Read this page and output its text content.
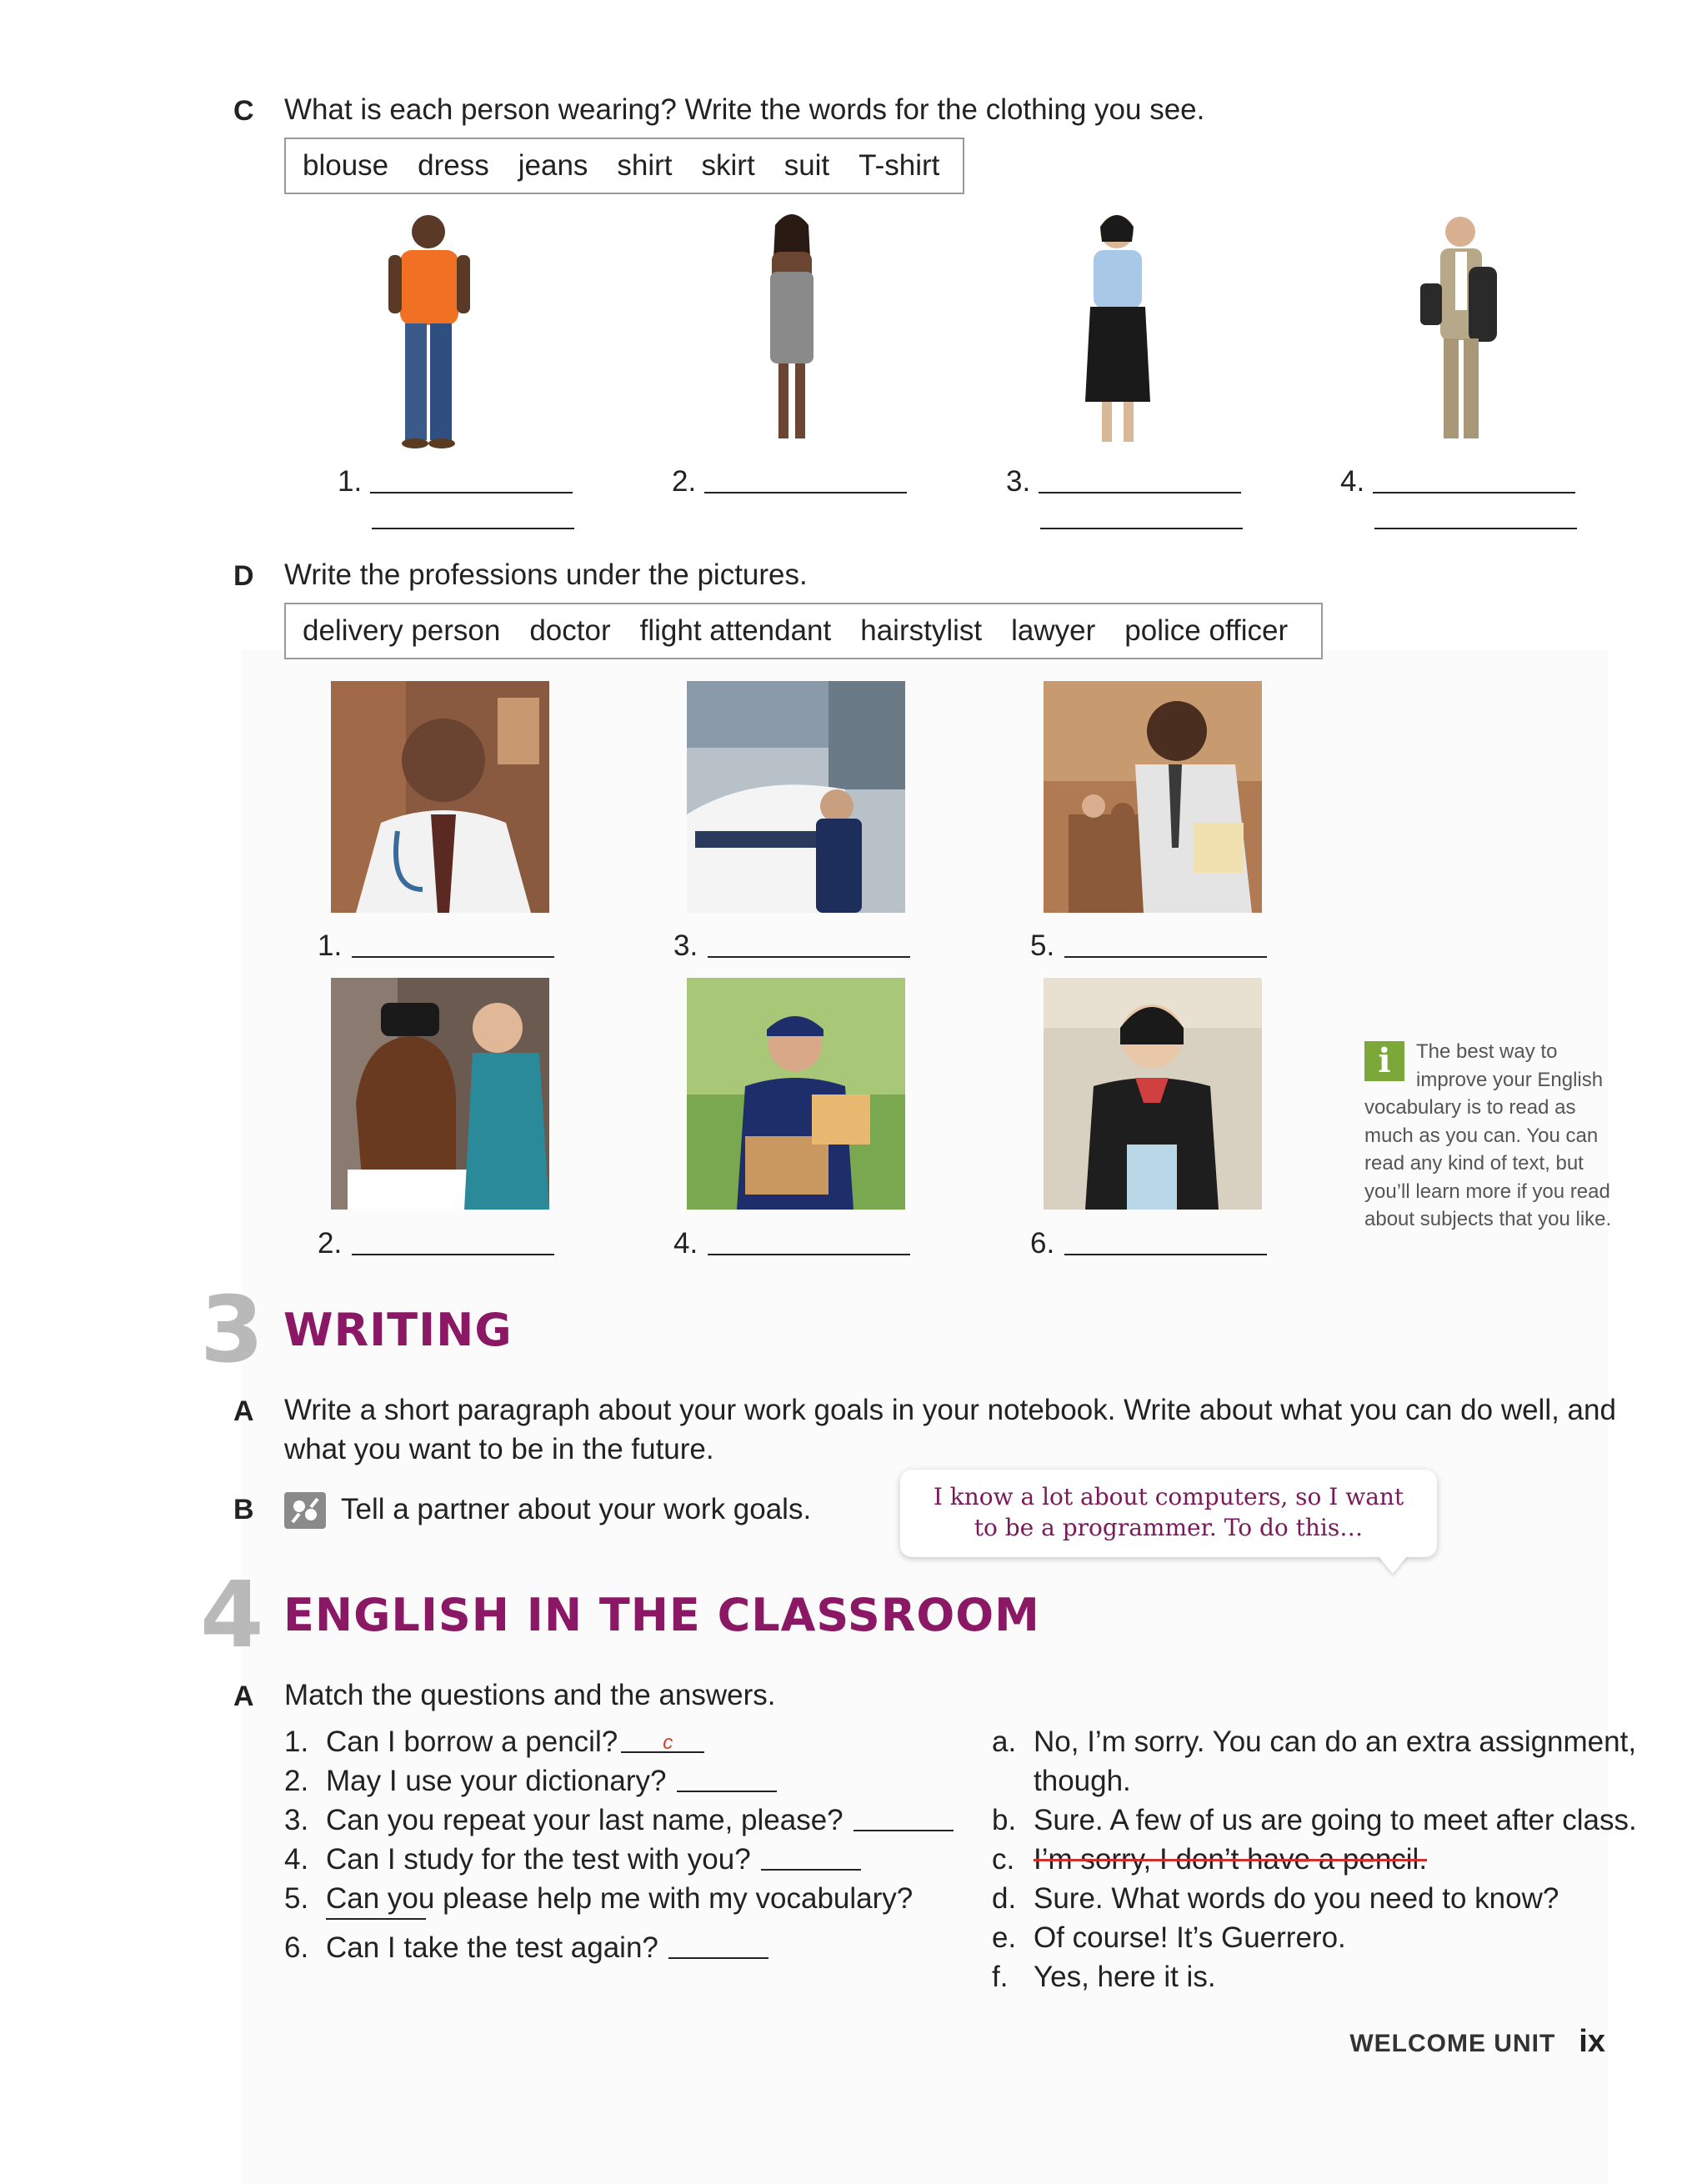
C What is each person wearing? Write the words for the clothing you see.
blouse dress jeans shirt skirt suit T-shirt
1.	2.	3.	4.
D Write the professions under the pictures.
delivery person doctor flight attendant hairstylist lawyer police officer
1.	3.	5.
2.	4.	6.
i	The best way to improve your English vocabulary is to read as much as you can. You can read any kind of text, but you’ll learn more if you read about subjects that you like.
3 WRITING
A Write a short paragraph about your work goals in your notebook. Write about what you can do well, and what you want to be in the future.
B	Tell a partner about your work goals.	I know a lot about computers, so I want
to be a programmer. To do this…
4 ENGLISH IN THE CLASSROOM
A Match the questions and the answers.
1. Can I borrow a pencil? c
2. May I use your dictionary?
3. Can you repeat your last name, please?
4. Can I study for the test with you?
5. Can you please help me with my vocabulary?
6. Can I take the test again?
a. No, I’m sorry. You can do an extra assignment,
though.
b. Sure. A few of us are going to meet after class.
c. I’m sorry, I don’t have a pencil.
d. Sure. What words do you need to know?
e. Of course! It’s Guerrero.
f. Yes, here it is.
WELCOME UNIT ix
